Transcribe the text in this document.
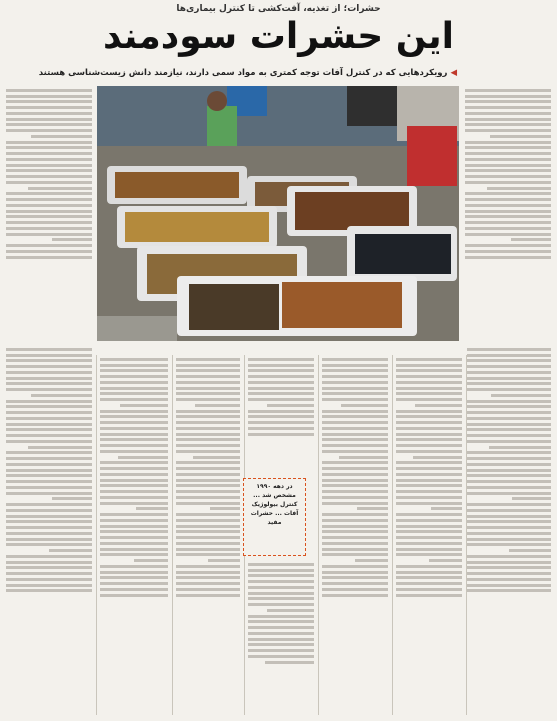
حشرات؛ از تغذیه، آفت‌کشی تا کنترل بیماری‌ها
این حشرات سودمند
◀رویکردهایی که در کنترل آفات توجه کمتری به مواد سمی دارند، نیازمند دانش زیست‌شناسی هستند
در دهه ۱۹۹۰ مشخص شد ... کنترل بیولوژیک آفات ... حشرات مفید
